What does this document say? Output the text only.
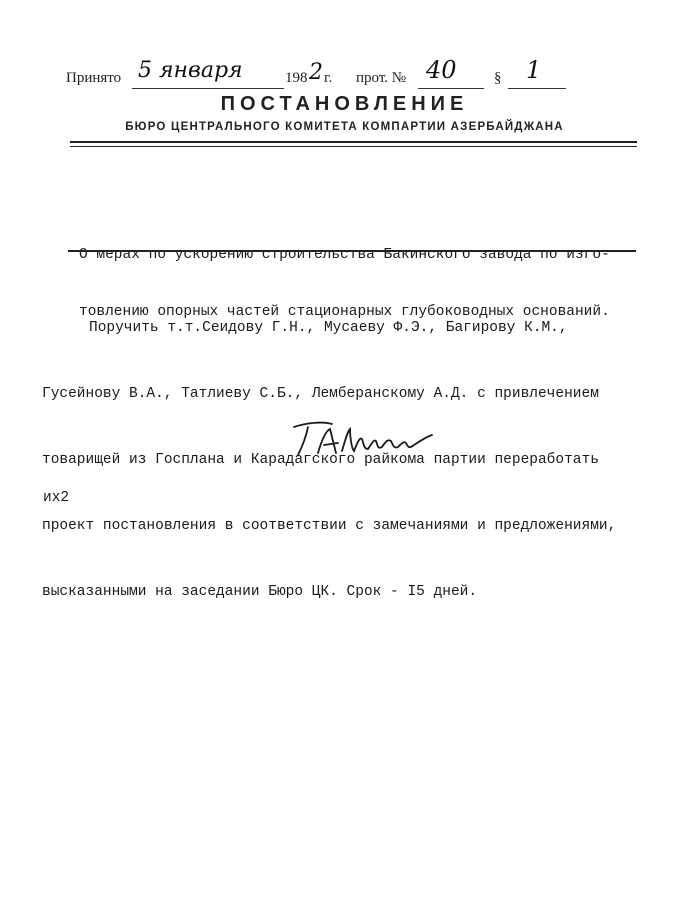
Принято 5 января	198 2 г. прот. № 40 § 1
ПОСТАНОВЛЕНИЕ
БЮРО ЦЕНТРАЛЬНОГО КОМИТЕТА КОМПАРТИИ АЗЕРБАЙДЖАНА

О мерах по ускорению строительства Бакинского завода по изго-

товлению опорных частей стационарных глубоководных оснований.

Поручить т.т.Сеидову Г.Н., Мусаеву Ф.Э., Багирову К.М.,

Гусейнову В.А., Татлиеву С.Б., Лемберанскому А.Д. с привлечением

товарищей из Госплана и Карадагского райкома партии переработать

проект постановления в соответствии с замечаниями и предложениями,

высказанными на заседании Бюро ЦК. Срок - I5 дней.

их2
